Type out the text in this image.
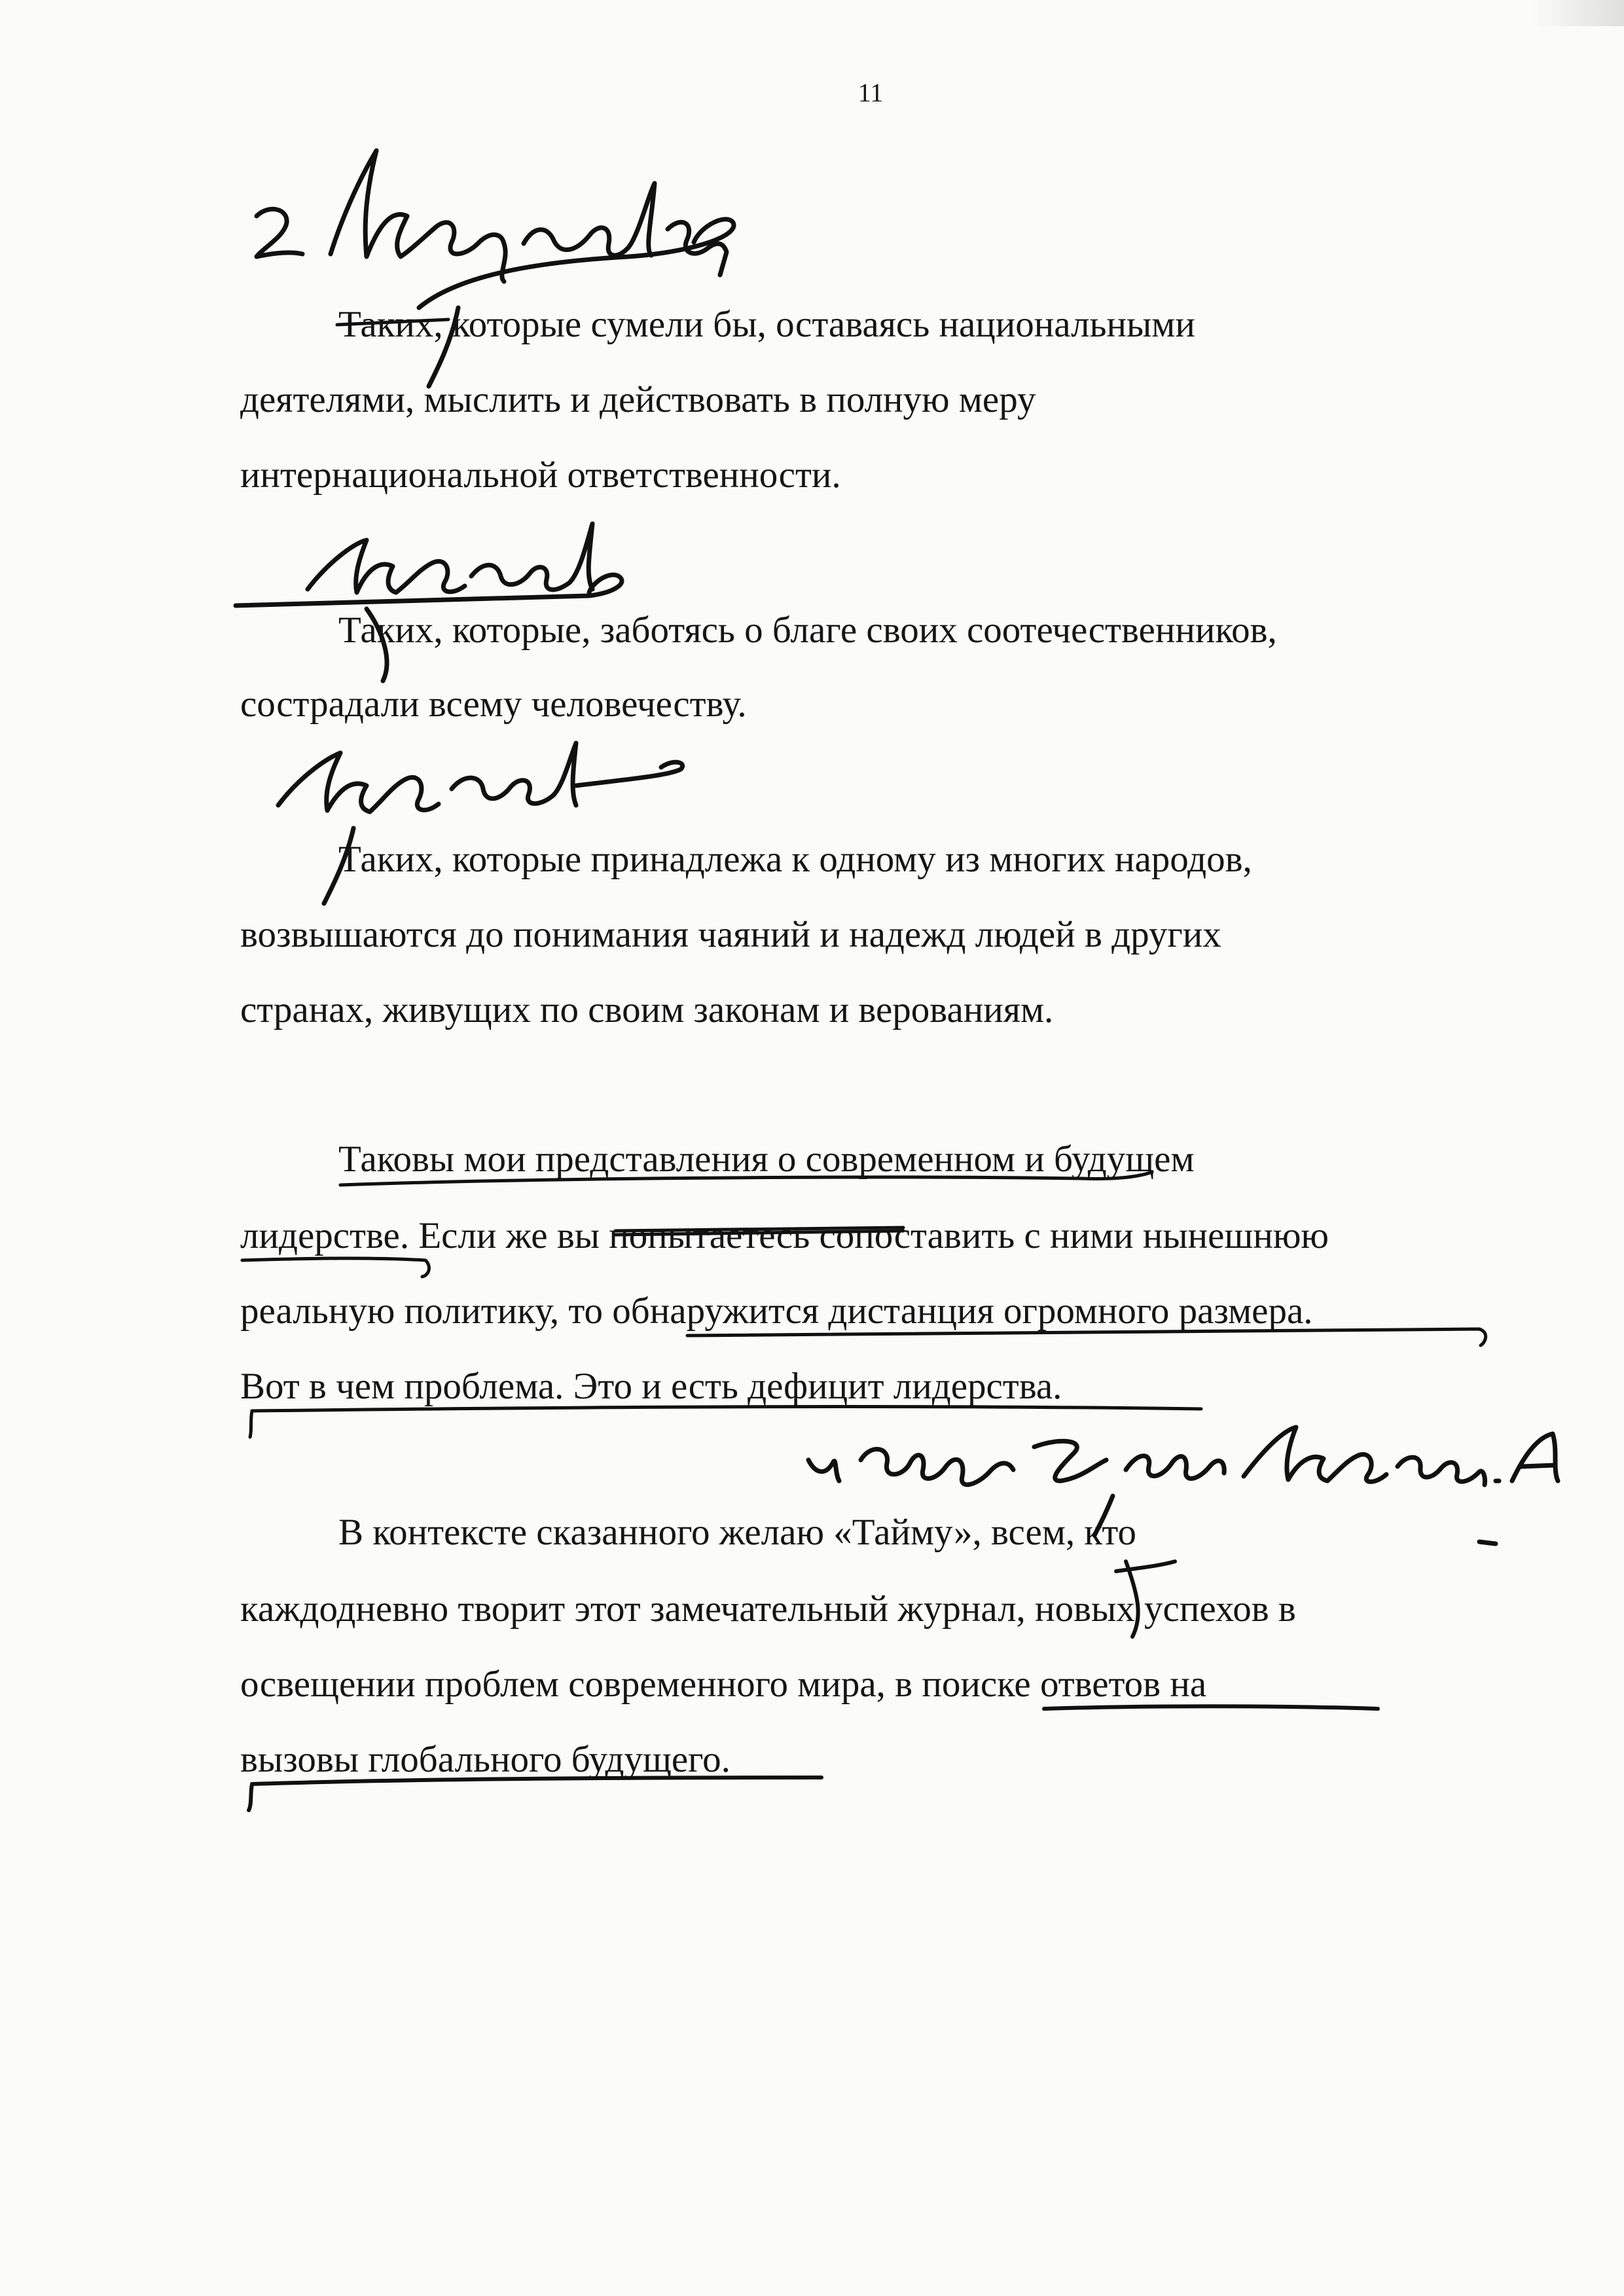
11
Таких, которые сумели бы, оставаясь национальными
деятелями, мыслить и действовать в полную меру
интернациональной ответственности.
Таких, которые, заботясь о благе своих соотечественников,
сострадали всему человечеству.
Таких, которые принадлежа к одному из многих народов,
возвышаются до понимания чаяний и надежд людей в других
странах, живущих по своим законам и верованиям.
Таковы мои представления о современном и будущем
лидерстве. Если же вы попытаетесь сопоставить с ними нынешнюю
реальную политику, то обнаружится дистанция огромного размера.
Вот в чем проблема. Это и есть дефицит лидерства.
В контексте сказанного желаю «Тайму», всем, кто
каждодневно творит этот замечательный журнал, новых успехов в
освещении проблем современного мира, в поиске ответов на
вызовы глобального будущего.
